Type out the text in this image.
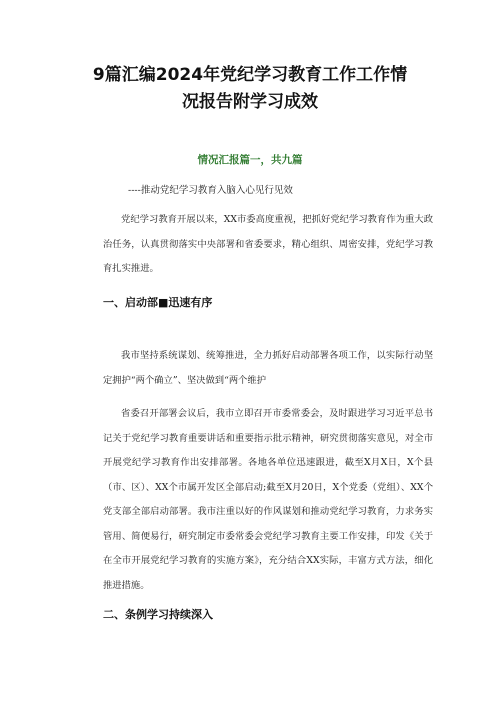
9篇汇编2024年党纪学习教育工作工作情
况报告附学习成效

情况汇报篇一，共九篇

----推动党纪学习教育入脑入心见行见效

党纪学习教育开展以来，XX市委高度重视，把抓好党纪学习教育作为重大政治任务，认真贯彻落实中央部署和省委要求，精心组织、周密安排，党纪学习教育扎实推进。

一、启动部■迅速有序

我市坚持系统谋划、统筹推进，全力抓好启动部署各项工作，以实际行动坚定拥护“两个确立”、坚决做到“两个维护

省委召开部署会议后，我市立即召开市委常委会，及时跟进学习习近平总书记关于党纪学习教育重要讲话和重要指示批示精神，研究贯彻落实意见，对全市开展党纪学习教育作出安排部署。各地各单位迅速跟进，截至X月X日，X个县（市、区）、XX个市属开发区全部启动;截至X月20日，X个党委（党组）、XX个党支部全部启动部署。我市注重以好的作风谋划和推动党纪学习教育，力求务实管用、简便易行，研究制定市委常委会党纪学习教育主要工作安排，印发《关于在全市开展党纪学习教育的实施方案》，充分结合XX实际，丰富方式方法，细化推进措施。

二、条例学习持续深入
